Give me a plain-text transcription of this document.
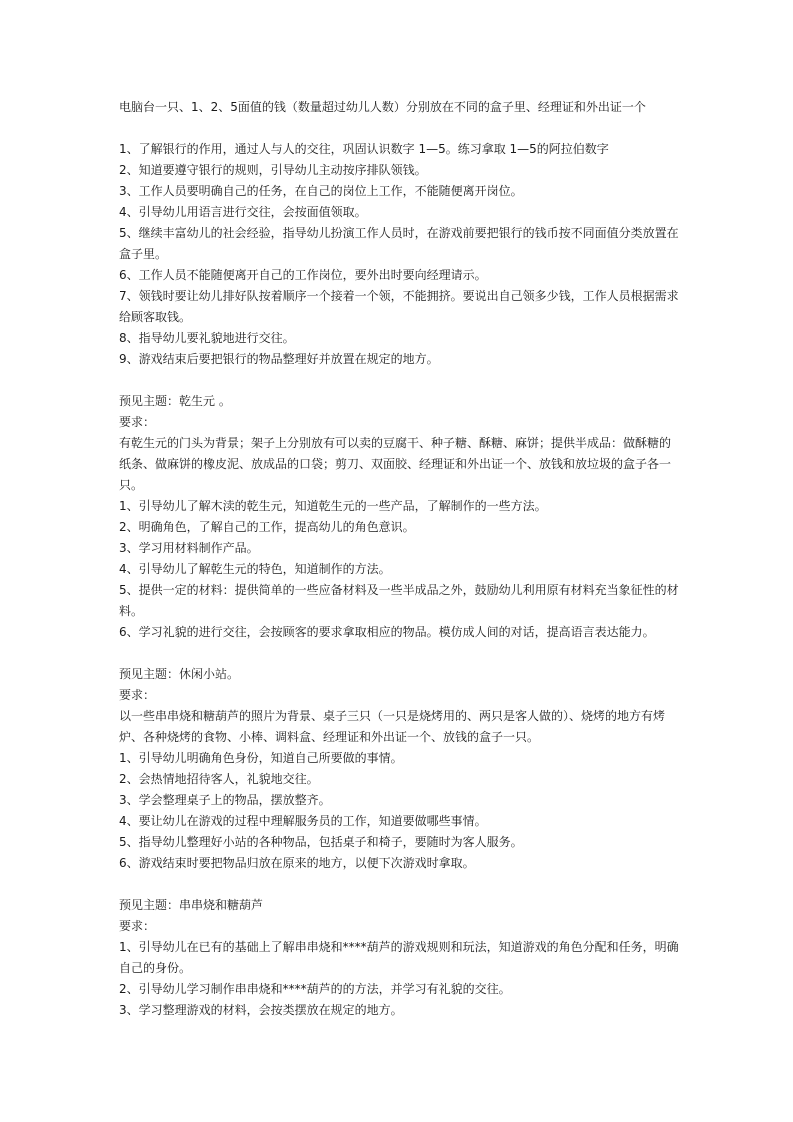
电脑台一只、1、2、5面值的钱（数量超过幼儿人数）分别放在不同的盒子里、经理证和外出证一个

1、了解银行的作用，通过人与人的交往，巩固认识数字 1—5。练习拿取 1—5的阿拉伯数字

2、知道要遵守银行的规则，引导幼儿主动按序排队领钱。

3、工作人员要明确自己的任务，在自己的岗位上工作，不能随便离开岗位。

4、引导幼儿用语言进行交往，会按面值领取。

5、继续丰富幼儿的社会经验，指导幼儿扮演工作人员时，在游戏前要把银行的钱币按不同面值分类放置在盒子里。

6、工作人员不能随便离开自己的工作岗位，要外出时要向经理请示。

7、领钱时要让幼儿排好队按着顺序一个接着一个领，不能拥挤。要说出自己领多少钱，工作人员根据需求给顾客取钱。

8、指导幼儿要礼貌地进行交往。

9、游戏结束后要把银行的物品整理好并放置在规定的地方。

预见主题：乾生元 。

要求：

有乾生元的门头为背景；架子上分别放有可以卖的豆腐干、种子糖、酥糖、麻饼；提供半成品：做酥糖的纸条、做麻饼的橡皮泥、放成品的口袋；剪刀、双面胶、经理证和外出证一个、放钱和放垃圾的盒子各一只。

1、引导幼儿了解木渎的乾生元，知道乾生元的一些产品，了解制作的一些方法。

2、明确角色，了解自己的工作，提高幼儿的角色意识。

3、学习用材料制作产品。

4、引导幼儿了解乾生元的特色，知道制作的方法。

5、提供一定的材料：提供简单的一些应备材料及一些半成品之外，鼓励幼儿利用原有材料充当象征性的材料。

6、学习礼貌的进行交往，会按顾客的要求拿取相应的物品。模仿成人间的对话，提高语言表达能力。

预见主题：休闲小站。

要求：

以一些串串烧和糖葫芦的照片为背景、桌子三只（一只是烧烤用的、两只是客人做的）、烧烤的地方有烤炉、各种烧烤的食物、小棒、调料盒、经理证和外出证一个、放钱的盒子一只。

1、引导幼儿明确角色身份，知道自己所要做的事情。

2、会热情地招待客人，礼貌地交往。

3、学会整理桌子上的物品，摆放整齐。

4、要让幼儿在游戏的过程中理解服务员的工作，知道要做哪些事情。

5、指导幼儿整理好小站的各种物品，包括桌子和椅子，要随时为客人服务。

6、游戏结束时要把物品归放在原来的地方，以便下次游戏时拿取。

预见主题：串串烧和糖葫芦

要求：

1、引导幼儿在已有的基础上了解串串烧和****葫芦的游戏规则和玩法，知道游戏的角色分配和任务，明确自己的身份。

2、引导幼儿学习制作串串烧和****葫芦的的方法，并学习有礼貌的交往。

3、学习整理游戏的材料，会按类摆放在规定的地方。
